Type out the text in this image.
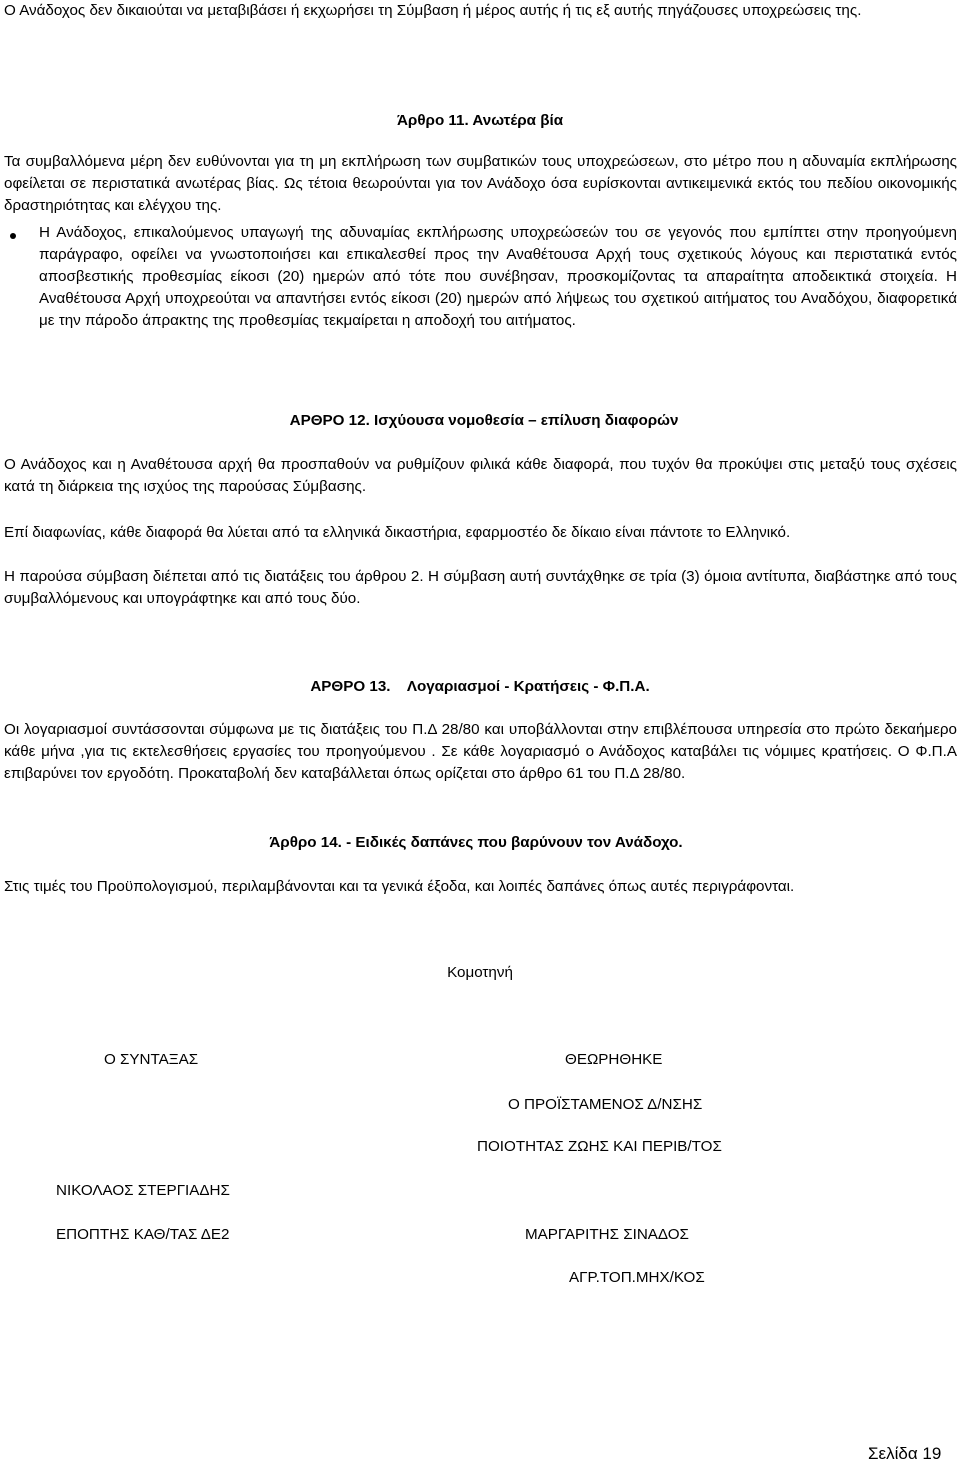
Ο Ανάδοχος δεν δικαιούται να μεταβιβάσει ή εκχωρήσει τη Σύμβαση ή μέρος αυτής ή τις εξ αυτής πηγάζουσες υποχρεώσεις της.
Άρθρο 11. Ανωτέρα βία
Τα συμβαλλόμενα μέρη δεν ευθύνονται για τη μη εκπλήρωση των συμβατικών τους υποχρεώσεων, στο μέτρο που η αδυναμία εκπλήρωσης οφείλεται σε περιστατικά ανωτέρας βίας. Ως τέτοια θεωρούνται για τον Ανάδοχο όσα ευρίσκονται αντικειμενικά εκτός του πεδίου οικονομικής δραστηριότητας και ελέγχου της.
Η Ανάδοχος, επικαλούμενος υπαγωγή της αδυναμίας εκπλήρωσης υποχρεώσεών του σε γεγονός που εμπίπτει στην προηγούμενη παράγραφο, οφείλει να γνωστοποιήσει και επικαλεσθεί προς την Αναθέτουσα Αρχή τους σχετικούς λόγους και περιστατικά εντός αποσβεστικής προθεσμίας είκοσι (20) ημερών από τότε που συνέβησαν, προσκομίζοντας τα απαραίτητα αποδεικτικά στοιχεία. Η Αναθέτουσα Αρχή υποχρεούται να απαντήσει εντός είκοσι (20) ημερών από λήψεως του σχετικού αιτήματος του Αναδόχου, διαφορετικά με την πάροδο άπρακτης της προθεσμίας τεκμαίρεται η αποδοχή του αιτήματος.
ΑΡΘΡΟ 12. Ισχύουσα νομοθεσία – επίλυση διαφορών
Ο Ανάδοχος και η Αναθέτουσα αρχή θα προσπαθούν να ρυθμίζουν φιλικά κάθε διαφορά, που τυχόν θα προκύψει στις μεταξύ τους σχέσεις κατά τη διάρκεια της ισχύος της παρούσας Σύμβασης.
Επί διαφωνίας, κάθε διαφορά θα λύεται από τα ελληνικά δικαστήρια, εφαρμοστέο δε δίκαιο είναι πάντοτε το Ελληνικό.
Η παρούσα σύμβαση διέπεται από τις διατάξεις του άρθρου 2. Η σύμβαση αυτή συντάχθηκε σε τρία (3) όμοια αντίτυπα, διαβάστηκε από τους συμβαλλόμενους και υπογράφτηκε και από τους δύο.
ΑΡΘΡΟ 13.    Λογαριασμοί - Κρατήσεις - Φ.Π.Α.
Οι λογαριασμοί συντάσσονται σύμφωνα με τις διατάξεις του Π.Δ 28/80 και υποβάλλονται στην επιβλέπουσα υπηρεσία στο πρώτο δεκαήμερο κάθε μήνα ,για τις εκτελεσθήσεις εργασίες του προηγούμενου . Σε κάθε λογαριασμό ο Ανάδοχος καταβάλει τις νόμιμες κρατήσεις. Ο Φ.Π.Α επιβαρύνει τον εργοδότη. Προκαταβολή δεν καταβάλλεται όπως ορίζεται στο άρθρο 61 του Π.Δ 28/80.
Άρθρο 14. - Ειδικές δαπάνες που βαρύνουν τον Ανάδοχο.
Στις τιμές του Προϋπολογισμού, περιλαμβάνονται και τα γενικά έξοδα, και λοιπές δαπάνες όπως αυτές περιγράφονται.
Κομοτηνή
Ο ΣΥΝΤΑΞΑΣ	ΘΕΩΡΗΘΗΚΕ
Ο ΠΡΟΪΣΤΑΜΕΝΟΣ Δ/ΝΣΗΣ
ΠΟΙΟΤΗΤΑΣ ΖΩΗΣ ΚΑΙ ΠΕΡΙΒ/ΤΟΣ
ΝΙΚΟΛΑΟΣ ΣΤΕΡΓΙΑΔΗΣ
ΕΠΟΠΤΗΣ ΚΑΘ/ΤΑΣ ΔΕ2	ΜΑΡΓΑΡΙΤΗΣ ΣΙΝΑΔΟΣ
ΑΓΡ.ΤΟΠ.ΜΗΧ/ΚΟΣ
Σελίδα 19
